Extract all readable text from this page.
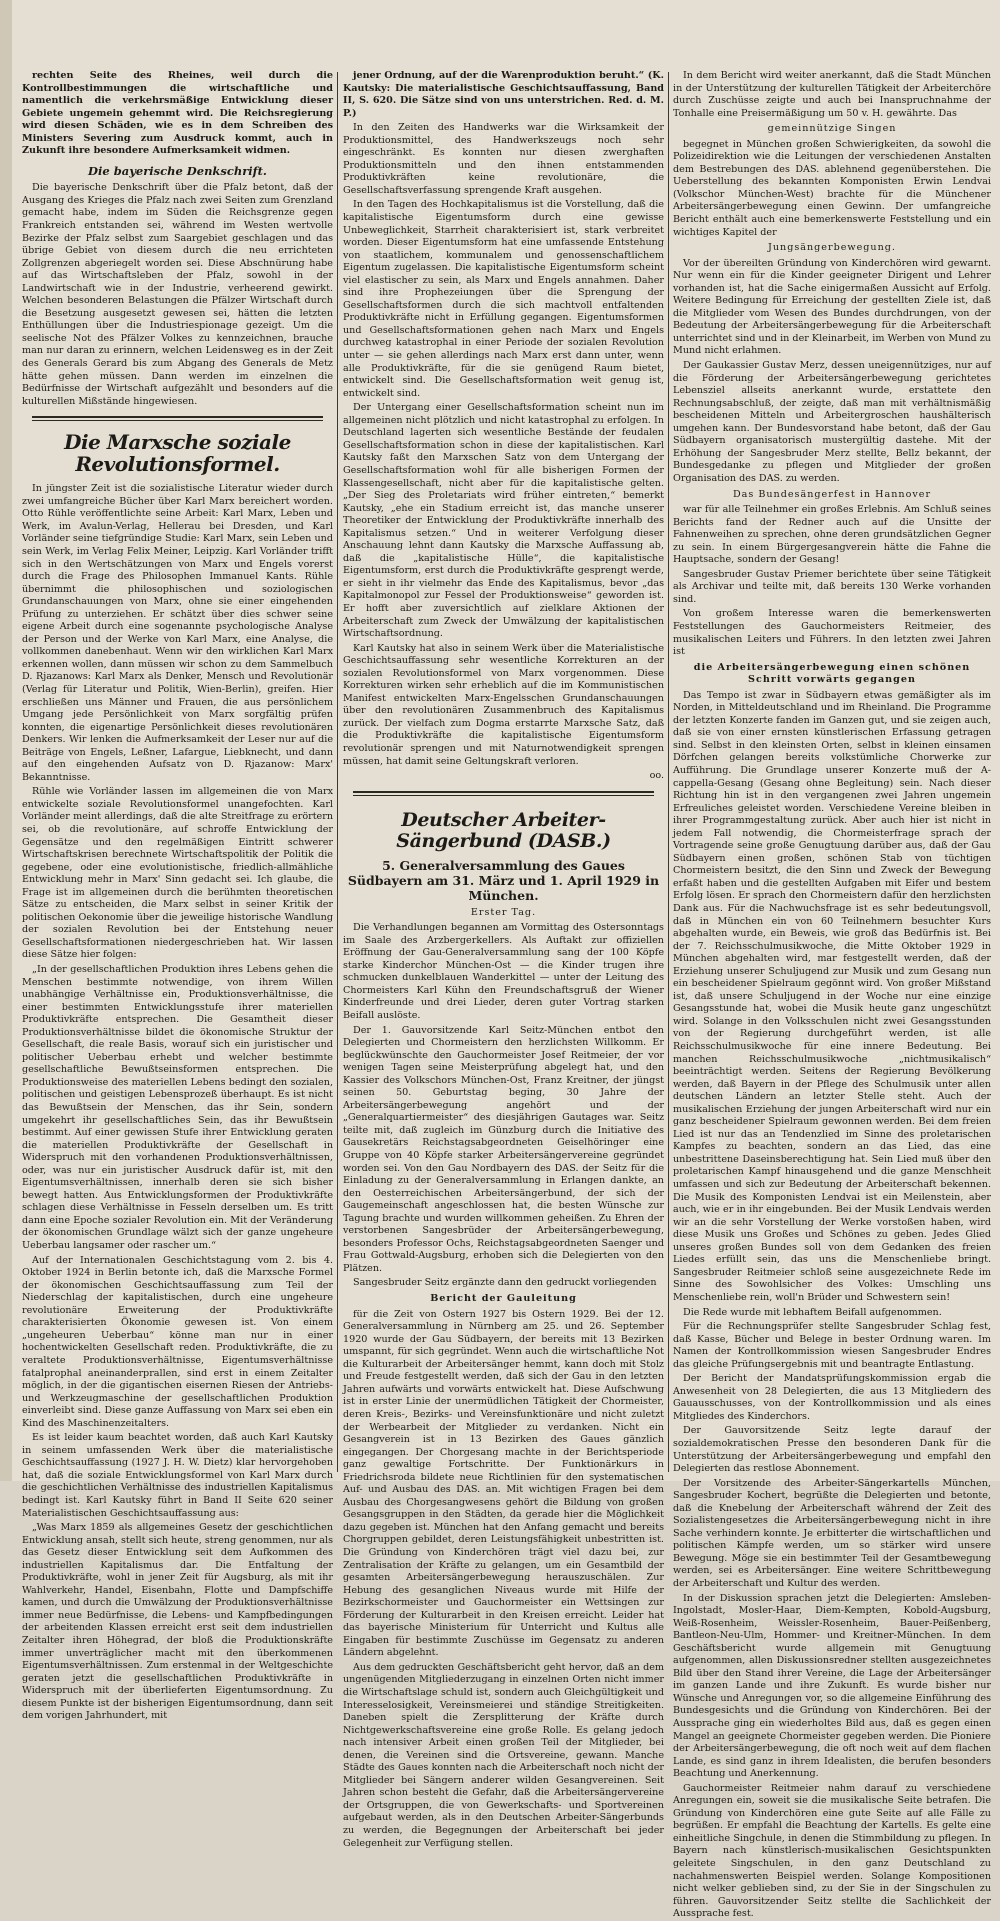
rechten Seite des Rheines, weil durch die Kontrollbestimmungen die wirtschaftliche und namentlich die verkehrsmäßige Entwicklung dieser Gebiete ungemein gehemmt wird. Die Reichsregierung wird diesen Schäden, wie es in dem Schreiben des Ministers Severing zum Ausdruck kommt, auch in Zukunft ihre besondere Aufmerksamkeit widmen.

Die bayerische Denkschrift.

Die bayerische Denkschrift über die Pfalz betont, daß der Ausgang des Krieges die Pfalz nach zwei Seiten zum Grenzland gemacht habe, indem im Süden die Reichsgrenze gegen Frankreich entstanden sei, während im Westen wertvolle Bezirke der Pfalz selbst zum Saargebiet geschlagen und das übrige Gebiet von diesem durch die neu errichteten Zollgrenzen abgeriegelt worden sei. Diese Abschnürung habe auf das Wirtschaftsleben der Pfalz, sowohl in der Landwirtschaft wie in der Industrie, verheerend gewirkt. Welchen besonderen Belastungen die Pfälzer Wirtschaft durch die Besetzung ausgesetzt gewesen sei, hätten die letzten Enthüllungen über die Industriespionage gezeigt. Um die seelische Not des Pfälzer Volkes zu kennzeichnen, brauche man nur daran zu erinnern, welchen Leidensweg es in der Zeit des Generals Gerard bis zum Abgang des Generals de Metz hätte gehen müssen. Dann werden im einzelnen die Bedürfnisse der Wirtschaft aufgezählt und besonders auf die kulturellen Mißstände hingewiesen.

Die Marxsche soziale Revolutionsformel.

In jüngster Zeit ist die sozialistische Literatur wieder durch zwei umfangreiche Bücher über Karl Marx bereichert worden. Otto Rühle veröffentlichte seine Arbeit: Karl Marx, Leben und Werk, im Avalun-Verlag, Hellerau bei Dresden, und Karl Vorländer seine tiefgründige Studie: Karl Marx, sein Leben und sein Werk, im Verlag Felix Meiner, Leipzig. Karl Vorländer trifft sich in den Wertschätzungen von Marx und Engels vorerst durch die Frage des Philosophen Immanuel Kants. Rühle übernimmt die philosophischen und soziologischen Grundanschauungen von Marx, ohne sie einer eingehenden Prüfung zu unterziehen. Er schätzt über dies schwer seine eigene Arbeit durch eine sogenannte psychologische Analyse der Person und der Werke von Karl Marx, eine Analyse, die vollkommen danebenhaut. Wenn wir den wirklichen Karl Marx erkennen wollen, dann müssen wir schon zu dem Sammelbuch D. Rjazanows: Karl Marx als Denker, Mensch und Revolutionär (Verlag für Literatur und Politik, Wien-Berlin), greifen. Hier erschließen uns Männer und Frauen, die aus persönlichem Umgang jede Persönlichkeit von Marx sorgfältig prüfen konnten, die eigenartige Persönlichkeit dieses revolutionären Denkers. Wir lenken die Aufmerksamkeit der Leser nur auf die Beiträge von Engels, Leßner, Lafargue, Liebknecht, und dann auf den eingehenden Aufsatz von D. Rjazanow: Marx' Bekanntnisse.

Rühle wie Vorländer lassen im allgemeinen die von Marx entwickelte soziale Revolutionsformel unangefochten. Karl Vorländer meint allerdings, daß die alte Streitfrage zu erörtern sei, ob die revolutionäre, auf schroffe Entwicklung der Gegensätze und den regelmäßigen Eintritt schwerer Wirtschaftskrisen berechnete Wirtschaftspolitik der Politik die gegebene, oder eine evolutionistische, friedlich-allmähliche Entwicklung mehr in Marx' Sinn gedacht sei. Ich glaube, die Frage ist im allgemeinen durch die berühmten theoretischen Sätze zu entscheiden, die Marx selbst in seiner Kritik der politischen Oekonomie über die jeweilige historische Wandlung der sozialen Revolution bei der Entstehung neuer Gesellschaftsformationen niedergeschrieben hat. Wir lassen diese Sätze hier folgen:

„In der gesellschaftlichen Produktion ihres Lebens gehen die Menschen bestimmte notwendige, von ihrem Willen unabhängige Verhältnisse ein, Produktionsverhältnisse, die einer bestimmten Entwicklungsstufe ihrer materiellen Produktivkräfte entsprechen. Die Gesamtheit dieser Produktionsverhältnisse bildet die ökonomische Struktur der Gesellschaft, die reale Basis, worauf sich ein juristischer und politischer Ueberbau erhebt und welcher bestimmte gesellschaftliche Bewußtseinsformen entsprechen. Die Produktionsweise des materiellen Lebens bedingt den sozialen, politischen und geistigen Lebensprozeß überhaupt. Es ist nicht das Bewußtsein der Menschen, das ihr Sein, sondern umgekehrt ihr gesellschaftliches Sein, das ihr Bewußtsein bestimmt. Auf einer gewissen Stufe ihrer Entwicklung geraten die materiellen Produktivkräfte der Gesellschaft in Widerspruch mit den vorhandenen Produktionsverhältnissen, oder, was nur ein juristischer Ausdruck dafür ist, mit den Eigentumsverhältnissen, innerhalb deren sie sich bisher bewegt hatten. Aus Entwicklungsformen der Produktivkräfte schlagen diese Verhältnisse in Fesseln derselben um. Es tritt dann eine Epoche sozialer Revolution ein. Mit der Veränderung der ökonomischen Grundlage wälzt sich der ganze ungeheure Ueberbau langsamer oder rascher um.“

Auf der Internationalen Geschichtstagung vom 2. bis 4. Oktober 1924 in Berlin betonte ich, daß die Marxsche Formel der ökonomischen Geschichtsauffassung zum Teil der Niederschlag der kapitalistischen, durch eine ungeheure revolutionäre Erweiterung der Produktivkräfte charakterisierten Ökonomie gewesen ist. Von einem „ungeheuren Ueberbau“ könne man nur in einer hochentwickelten Gesellschaft reden. Produktivkräfte, die zu veraltete Produktionsverhältnisse, Eigentumsverhältnisse fatalprophal aneinanderprallen, sind erst in einem Zeitalter möglich, in der die gigantischen eisernen Riesen der Antriebs- und Werkzeugmaschine der gesellschaftlichen Produktion einverleibt sind. Diese ganze Auffassung von Marx sei eben ein Kind des Maschinenzeitalters.

Es ist leider kaum beachtet worden, daß auch Karl Kautsky in seinem umfassenden Werk über die materialistische Geschichtsauffassung (1927 J. H. W. Dietz) klar hervorgehoben hat, daß die soziale Entwicklungsformel von Karl Marx durch die geschichtlichen Verhältnisse des industriellen Kapitalismus bedingt ist. Karl Kautsky führt in Band II Seite 620 seiner Materialistischen Geschichtsauffassung aus:

„Was Marx 1859 als allgemeines Gesetz der geschichtlichen Entwicklung ansah, stellt sich heute, streng genommen, nur als das Gesetz dieser Entwicklung seit dem Aufkommen des industriellen Kapitalismus dar. Die Entfaltung der Produktivkräfte, wohl in jener Zeit für Augsburg, als mit ihr Wahlverkehr, Handel, Eisenbahn, Flotte und Dampfschiffe kamen, und durch die Umwälzung der Produktionsverhältnisse immer neue Bedürfnisse, die Lebens- und Kampfbedingungen der arbeitenden Klassen erreicht erst seit dem industriellen Zeitalter ihren Höhegrad, der bloß die Produktionskräfte immer unverträglicher macht mit den überkommenen Eigentumsverhältnissen. Zum erstenmal in der Weltgeschichte geraten jetzt die gesellschaftlichen Produktivkräfte in Widerspruch mit der überlieferten Eigentumsordnung. Zu diesem Punkte ist der bisherigen Eigentumsordnung, dann seit dem vorigen Jahrhundert, mit

jener Ordnung, auf der die Warenproduktion beruht.“ (K. Kautsky: Die materialistische Geschichtsauffassung, Band II, S. 620. Die Sätze sind von uns unterstrichen. Red. d. M. P.)

In den Zeiten des Handwerks war die Wirksamkeit der Produktionsmittel, des Handwerkszeugs noch sehr eingeschränkt. Es konnten nur diesen zwerghaften Produktionsmitteln und den ihnen entstammenden Produktivkräften keine revolutionäre, die Gesellschaftsverfassung sprengende Kraft ausgehen.

In den Tagen des Hochkapitalismus ist die Vorstellung, daß die kapitalistische Eigentumsform durch eine gewisse Unbeweglichkeit, Starrheit charakterisiert ist, stark verbreitet worden. Dieser Eigentumsform hat eine umfassende Entstehung von staatlichem, kommunalem und genossenschaftlichem Eigentum zugelassen. Die kapitalistische Eigentumsform scheint viel elastischer zu sein, als Marx und Engels annahmen. Daher sind ihre Prophezeiungen über die Sprengung der Gesellschaftsformen durch die sich machtvoll entfaltenden Produktivkräfte nicht in Erfüllung gegangen. Eigentumsformen und Gesellschaftsformationen gehen nach Marx und Engels durchweg katastrophal in einer Periode der sozialen Revolution unter — sie gehen allerdings nach Marx erst dann unter, wenn alle Produktivkräfte, für die sie genügend Raum bietet, entwickelt sind. Die Gesellschaftsformation weit genug ist, entwickelt sind.

Der Untergang einer Gesellschaftsformation scheint nun im allgemeinen nicht plötzlich und nicht katastrophal zu erfolgen. In Deutschland lagerten sich wesentliche Bestände der feudalen Gesellschaftsformation schon in diese der kapitalistischen. Karl Kautsky faßt den Marxschen Satz von dem Untergang der Gesellschaftsformation wohl für alle bisherigen Formen der Klassengesellschaft, nicht aber für die kapitalistische gelten. „Der Sieg des Proletariats wird früher eintreten,“ bemerkt Kautsky, „ehe ein Stadium erreicht ist, das manche unserer Theoretiker der Entwicklung der Produktivkräfte innerhalb des Kapitalismus setzen.“ Und in weiterer Verfolgung dieser Anschauung lehnt dann Kautsky die Marxsche Auffassung ab, daß die „kapitalistische Hülle“, die kapitalistische Eigentumsform, erst durch die Produktivkräfte gesprengt werde, er sieht in ihr vielmehr das Ende des Kapitalismus, bevor „das Kapitalmonopol zur Fessel der Produktionsweise“ geworden ist. Er hofft aber zuversichtlich auf zielklare Aktionen der Arbeiterschaft zum Zweck der Umwälzung der kapitalistischen Wirtschaftsordnung.

Karl Kautsky hat also in seinem Werk über die Materialistische Geschichtsauffassung sehr wesentliche Korrekturen an der sozialen Revolutionsformel von Marx vorgenommen. Diese Korrekturen wirken sehr erheblich auf die im Kommunistischen Manifest entwickelten Marx-Engelsschen Grundanschauungen über den revolutionären Zusammenbruch des Kapitalismus zurück. Der vielfach zum Dogma erstarrte Marxsche Satz, daß die Produktivkräfte die kapitalistische Eigentumsform revolutionär sprengen und mit Naturnotwendigkeit sprengen müssen, hat damit seine Geltungskraft verloren.

oo.
Deutscher Arbeiter-Sängerbund (DASB.)
5. Generalversammlung des Gaues Südbayern am 31. März und 1. April 1929 in München.
Erster Tag.

Die Verhandlungen begannen am Vormittag des Ostersonntags im Saale des Arzbergerkellers. Als Auftakt zur offiziellen Eröffnung der Gau-Generalversammlung sang der 100 Köpfe starke Kinderchor München-Ost — die Kinder trugen ihre schmucken dunkelblauen Wanderkittel — unter der Leitung des Chormeisters Karl Kühn den Freundschaftsgruß der Wiener Kinderfreunde und drei Lieder, deren guter Vortrag starken Beifall auslöste.

Der 1. Gauvorsitzende Karl Seitz-München entbot den Delegierten und Chormeistern den herzlichsten Willkomm. Er beglückwünschte den Gauchormeister Josef Reitmeier, der vor wenigen Tagen seine Meisterprüfung abgelegt hat, und den Kassier des Volkschors München-Ost, Franz Kreitner, der jüngst seinen 50. Geburtstag beging, 30 Jahre der Arbeitersängerbewegung angehört und der „Generalquartiermeister“ des diesjährigen Gautages war. Seitz teilte mit, daß zugleich im Günzburg durch die Initiative des Gausekretärs Reichstagsabgeordneten Geiselhöringer eine Gruppe von 40 Köpfe starker Arbeitersängervereine gegründet worden sei. Von den Gau Nordbayern des DAS. der Seitz für die Einladung zu der Generalversammlung in Erlangen dankte, an den Oesterreichischen Arbeitersängerbund, der sich der Gaugemeinschaft angeschlossen hat, die besten Wünsche zur Tagung brachte und wurden willkommen geheißen. Zu Ehren der verstorbenen Sangesbrüder der Arbeitersängerbewegung, besonders Professor Ochs, Reichstagsabgeordneten Saenger und Frau Gottwald-Augsburg, erhoben sich die Delegierten von den Plätzen.

Sangesbruder Seitz ergänzte dann den gedruckt vorliegenden

Bericht der Gauleitung

für die Zeit von Ostern 1927 bis Ostern 1929. Bei der 12. Generalversammlung in Nürnberg am 25. und 26. September 1920 wurde der Gau Südbayern, der bereits mit 13 Bezirken umspannt, für sich gegründet. Wenn auch die wirtschaftliche Not die Kulturarbeit der Arbeitersänger hemmt, kann doch mit Stolz und Freude festgestellt werden, daß sich der Gau in den letzten Jahren aufwärts und vorwärts entwickelt hat. Diese Aufschwung ist in erster Linie der unermüdlichen Tätigkeit der Chormeister, deren Kreis-, Bezirks- und Vereinsfunktionäre und nicht zuletzt der Werbearbeit der Mitglieder zu verdanken. Nicht ein Gesangverein ist in 13 Bezirken des Gaues gänzlich eingegangen. Der Chorgesang machte in der Berichtsperiode ganz gewaltige Fortschritte. Der Funktionärkurs in Friedrichsroda bildete neue Richtlinien für den systematischen Auf- und Ausbau des DAS. an. Mit wichtigen Fragen bei dem Ausbau des Chorgesangwesens gehört die Bildung von großen Gesangsgruppen in den Städten, da gerade hier die Möglichkeit dazu gegeben ist. München hat den Anfang gemacht und bereits Chorgruppen gebildet, deren Leistungsfähigkeit unbestritten ist. Die Gründung von Kinderchören trägt viel dazu bei, zur Zentralisation der Kräfte zu gelangen, um ein Gesamtbild der gesamten Arbeitersängerbewegung herauszuschälen. Zur Hebung des gesanglichen Niveaus wurde mit Hilfe der Bezirkschormeister und Gauchormeister ein Wettsingen zur Förderung der Kulturarbeit in den Kreisen erreicht. Leider hat das bayerische Ministerium für Unterricht und Kultus alle Eingaben für bestimmte Zuschüsse im Gegensatz zu anderen Ländern abgelehnt.

Aus dem gedruckten Geschäftsbericht geht hervor, daß an dem ungenügenden Mitgliederzugang in einzelnen Orten nicht immer die Wirtschaftslage schuld ist, sondern auch Gleichgültigkeit und Interesselosigkeit, Vereinsmeierei und ständige Streitigkeiten. Daneben spielt die Zersplitterung der Kräfte durch Nichtgewerkschaftsvereine eine große Rolle. Es gelang jedoch nach intensiver Arbeit einen großen Teil der Mitglieder, bei denen, die Vereinen sind die Ortsvereine, gewann. Manche Städte des Gaues konnten nach die Arbeiterschaft noch nicht der Mitglieder bei Sängern anderer wilden Gesangvereinen. Seit Jahren schon besteht die Gefahr, daß die Arbeitersängervereine der Ortsgruppen, die von Gewerkschafts- und Sportvereinen aufgebaut werden, als in den Deutschen Arbeiter-Sängerbunds zu werden, die Begegnungen der Arbeiterschaft bei jeder Gelegenheit zur Verfügung stellen.

In dem Bericht wird weiter anerkannt, daß die Stadt München in der Unterstützung der kulturellen Tätigkeit der Arbeiterchöre durch Zuschüsse zeigte und auch bei Inanspruchnahme der Tonhalle eine Preisermäßigung um 50 v. H. gewährte. Das

gemeinnützige Singen

begegnet in München großen Schwierigkeiten, da sowohl die Polizeidirektion wie die Leitungen der verschiedenen Anstalten dem Bestrebungen des DAS. ablehnend gegenüberstehen. Die Ueberstellung des bekannten Komponisten Erwin Lendvai (Volkschor München-West) brachte für die Münchener Arbeitersängerbewegung einen Gewinn. Der umfangreiche Bericht enthält auch eine bemerkenswerte Feststellung und ein wichtiges Kapitel der

Jungsängerbewegung.

Vor der übereilten Gründung von Kinderchören wird gewarnt. Nur wenn ein für die Kinder geeigneter Dirigent und Lehrer vorhanden ist, hat die Sache einigermaßen Aussicht auf Erfolg. Weitere Bedingung für Erreichung der gestellten Ziele ist, daß die Mitglieder vom Wesen des Bundes durchdrungen, von der Bedeutung der Arbeitersängerbewegung für die Arbeiterschaft unterrichtet sind und in der Kleinarbeit, im Werben von Mund zu Mund nicht erlahmen.

Der Gaukassier Gustav Merz, dessen uneigennütziges, nur auf die Förderung der Arbeitersängerbewegung gerichtetes Lebensziel allseits anerkannt wurde, erstattete den Rechnungsabschluß, der zeigte, daß man mit verhältnismäßig bescheidenen Mitteln und Arbeitergroschen haushälterisch umgehen kann. Der Bundesvorstand habe betont, daß der Gau Südbayern organisatorisch mustergültig dastehe. Mit der Erhöhung der Sangesbruder Merz stellte, Bellz bekannt, der Bundesgedanke zu pflegen und Mitglieder der großen Organisation des DAS. zu werden.

Das Bundesängerfest in Hannover

war für alle Teilnehmer ein großes Erlebnis. Am Schluß seines Berichts fand der Redner auch auf die Unsitte der Fahnenweihen zu sprechen, ohne deren grundsätzlichen Gegner zu sein. In einem Bürgergesangverein hätte die Fahne die Hauptsache, sondern der Gesang!

Sangesbruder Gustav Priemer berichtete über seine Tätigkeit als Archivar und teilte mit, daß bereits 130 Werke vorhanden sind.

Von großem Interesse waren die bemerkenswerten Feststellungen des Gauchormeisters Reitmeier, des musikalischen Leiters und Führers. In den letzten zwei Jahren ist

die Arbeitersängerbewegung einen schönen Schritt vorwärts gegangen

Das Tempo ist zwar in Südbayern etwas gemäßigter als im Norden, in Mitteldeutschland und im Rheinland. Die Programme der letzten Konzerte fanden im Ganzen gut, und sie zeigen auch, daß sie von einer ernsten künstlerischen Erfassung getragen sind. Selbst in den kleinsten Orten, selbst in kleinen einsamen Dörfchen gelangen bereits volkstümliche Chorwerke zur Aufführung. Die Grundlage unserer Konzerte muß der A-cappella-Gesang (Gesang ohne Begleitung) sein. Nach dieser Richtung hin ist in den vergangenen zwei Jahren ungemein Erfreuliches geleistet worden. Verschiedene Vereine bleiben in ihrer Programmgestaltung zurück. Aber auch hier ist nicht in jedem Fall notwendig, die Chormeisterfrage sprach der Vortragende seine große Genugtuung darüber aus, daß der Gau Südbayern einen großen, schönen Stab von tüchtigen Chormeistern besitzt, die den Sinn und Zweck der Bewegung erfaßt haben und die gestellten Aufgaben mit Eifer und bestem Erfolg lösen. Er sprach den Chormeistern dafür den herzlichsten Dank aus. Für die Nachwuchsfrage ist es sehr bedeutungsvoll, daß in München ein von 60 Teilnehmern besuchter Kurs abgehalten wurde, ein Beweis, wie groß das Bedürfnis ist. Bei der 7. Reichsschulmusikwoche, die Mitte Oktober 1929 in München abgehalten wird, mar festgestellt werden, daß der Erziehung unserer Schuljugend zur Musik und zum Gesang nun ein bescheidener Spielraum gegönnt wird. Von großer Mißstand ist, daß unsere Schuljugend in der Woche nur eine einzige Gesangsstunde hat, wobei die Musik heute ganz ungeschützt wird. Solange in den Volksschulen nicht zwei Gesangsstunden von der Regierung durchgeführt werden, ist alle Reichsschulmusikwoche für eine innere Bedeutung. Bei manchen Reichsschulmusikwoche „nichtmusikalisch“ beeinträchtigt werden. Seitens der Regierung Bevölkerung werden, daß Bayern in der Pflege des Schulmusik unter allen deutschen Ländern an letzter Stelle steht. Auch der musikalischen Erziehung der jungen Arbeiterschaft wird nur ein ganz bescheidener Spielraum gewonnen werden. Bei dem freien Lied ist nur das an Tendenzlied im Sinne des proletarischen Kampfes zu beachten, sondern an das Lied, das eine unbestrittene Daseinsberechtigung hat. Sein Lied muß über den proletarischen Kampf hinausgehend und die ganze Menschheit umfassen und sich zur Bedeutung der Arbeiterschaft bekennen. Die Musik des Komponisten Lendvai ist ein Meilenstein, aber auch, wie er in ihr eingebunden. Bei der Musik Lendvais werden wir an die sehr Vorstellung der Werke vorstoßen haben, wird diese Musik uns Großes und Schönes zu geben. Jedes Glied unseres großen Bundes soll von dem Gedanken des freien Liedes erfüllt sein, das uns die Menschenliebe bringt. Sangesbruder Reitmeier schloß seine ausgezeichnete Rede im Sinne des Sowohlsicher des Volkes: Umschling uns Menschenliebe rein, woll'n Brüder und Schwestern sein!

Die Rede wurde mit lebhaftem Beifall aufgenommen.

Für die Rechnungsprüfer stellte Sangesbruder Schlag fest, daß Kasse, Bücher und Belege in bester Ordnung waren. Im Namen der Kontrollkommission wiesen Sangesbruder Endres das gleiche Prüfungsergebnis mit und beantragte Entlastung.

Der Bericht der Mandatsprüfungskommission ergab die Anwesenheit von 28 Delegierten, die aus 13 Mitgliedern des Gauausschusses, von der Kontrollkommission und als eines Mitgliedes des Kinderchors.

Der Gauvorsitzende Seitz legte darauf der sozialdemokratischen Presse den besonderen Dank für die Unterstützung der Arbeitersängerbewegung und empfahl den Delegierten das restlose Abonnement.

Der Vorsitzende des Arbeiter-Sängerkartells München, Sangesbruder Kochert, begrüßte die Delegierten und betonte, daß die Knebelung der Arbeiterschaft während der Zeit des Sozialistengesetzes die Arbeitersängerbewegung nicht in ihre Sache verhindern konnte. Je erbitterter die wirtschaftlichen und politischen Kämpfe werden, um so stärker wird unsere Bewegung. Möge sie ein bestimmter Teil der Gesamtbewegung werden, sei es Arbeitersänger. Eine weitere Schrittbewegung der Arbeiterschaft und Kultur des werden.

In der Diskussion sprachen jetzt die Delegierten: Amsleben-Ingolstadt, Mosler-Haar, Diem-Kempten, Kobold-Augsburg, Weiß-Rosenheim, Weissler-Rosenheim, Bauer-Peißenberg, Bantleon-Neu-Ulm, Hommer- und Kreitner-München. In dem Geschäftsbericht wurde allgemein mit Genugtuung aufgenommen, allen Diskussionsredner stellten ausgezeichnetes Bild über den Stand ihrer Vereine, die Lage der Arbeitersänger im ganzen Lande und ihre Zukunft. Es wurde bisher nur Wünsche und Anregungen vor, so die allgemeine Einführung des Bundesgesichts und die Gründung von Kinderchören. Bei der Aussprache ging ein wiederholtes Bild aus, daß es gegen einen Mangel an geeignete Chormeister gegeben werden. Die Pioniere der Arbeitersängerbewegung, die oft noch weit auf dem flachen Lande, es sind ganz in ihrem Idealisten, die berufen besonders Beachtung und Anerkennung.

Gauchormeister Reitmeier nahm darauf zu verschiedene Anregungen ein, soweit sie die musikalische Seite betrafen. Die Gründung von Kinderchören eine gute Seite auf alle Fälle zu begrüßen. Er empfahl die Beachtung der Kartells. Es gelte eine einheitliche Singchule, in denen die Stimmbildung zu pflegen. In Bayern nach künstlerisch-musikalischen Gesichtspunkten geleitete Singschulen, in den ganz Deutschland zu nachahmenswerten Beispiel werden. Solange Kompositionen nicht welker geblieben sind, zu der Sie in der Singschulen zu führen. Gauvorsitzender Seitz stellte die Sachlichkeit der Aussprache fest.
